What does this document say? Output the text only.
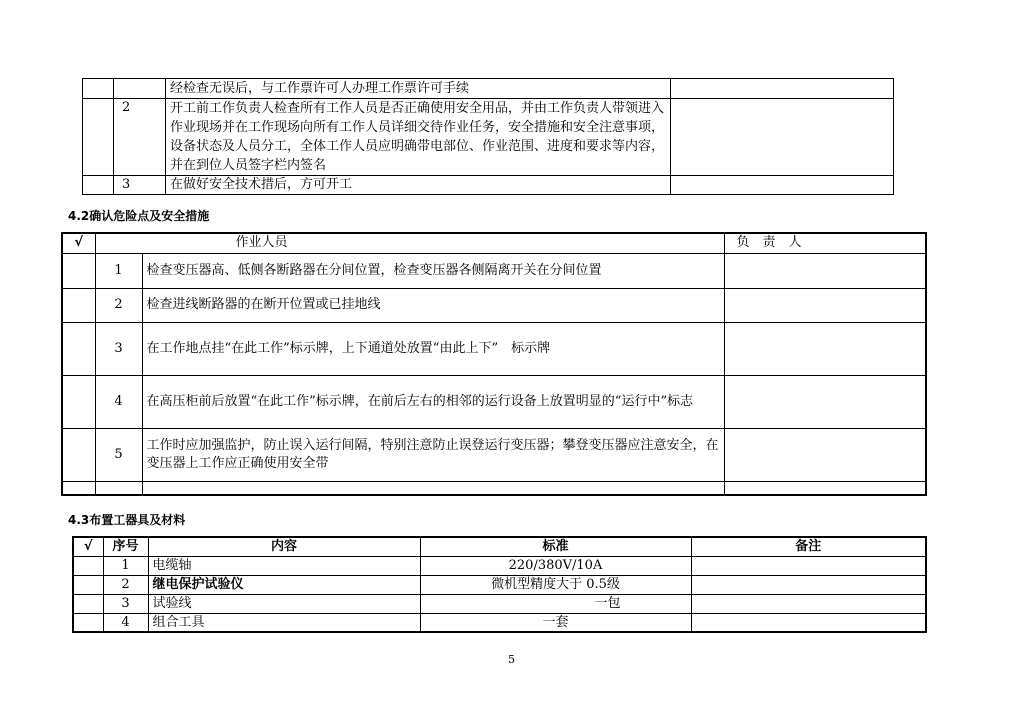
		经检查无误后，与工作票许可人办理工作票许可手续	
	2	开工前工作负责人检查所有工作人员是否正确使用安全用品，并由工作负责人带领进入作业现场并在工作现场向所有工作人员详细交待作业任务，安全措施和安全注意事项，设备状态及人员分工，全体工作人员应明确带电部位、作业范围、进度和要求等内容，并在到位人员签字栏内签名	
	3	在做好安全技术措后，方可开工	
4.2确认危险点及安全措施
√	作业人员		负　责　人
	1	检查变压器高、低侧各断路器在分间位置，检查变压器各侧隔离开关在分间位置	
	2	检查进线断路器的在断开位置或已挂地线	
	3	在工作地点挂“在此工作”标示牌，上下通道处放置“由此上下”　标示牌	
	4	在高压柜前后放置“在此工作”标示牌，在前后左右的相邻的运行设备上放置明显的“运行中”标志	
	5	工作时应加强监护，防止误入运行间隔，特别注意防止误登运行变压器；攀登变压器应注意安全，在变压器上工作应正确使用安全带	

4.3布置工器具及材料
√	序号	内容	标准	备注
	1	电缆轴	220/380V/10A	
	2	继电保护试验仪	微机型精度大于 0.5级	
	3	试验线	一包	
	4	组合工具	一套	
5
